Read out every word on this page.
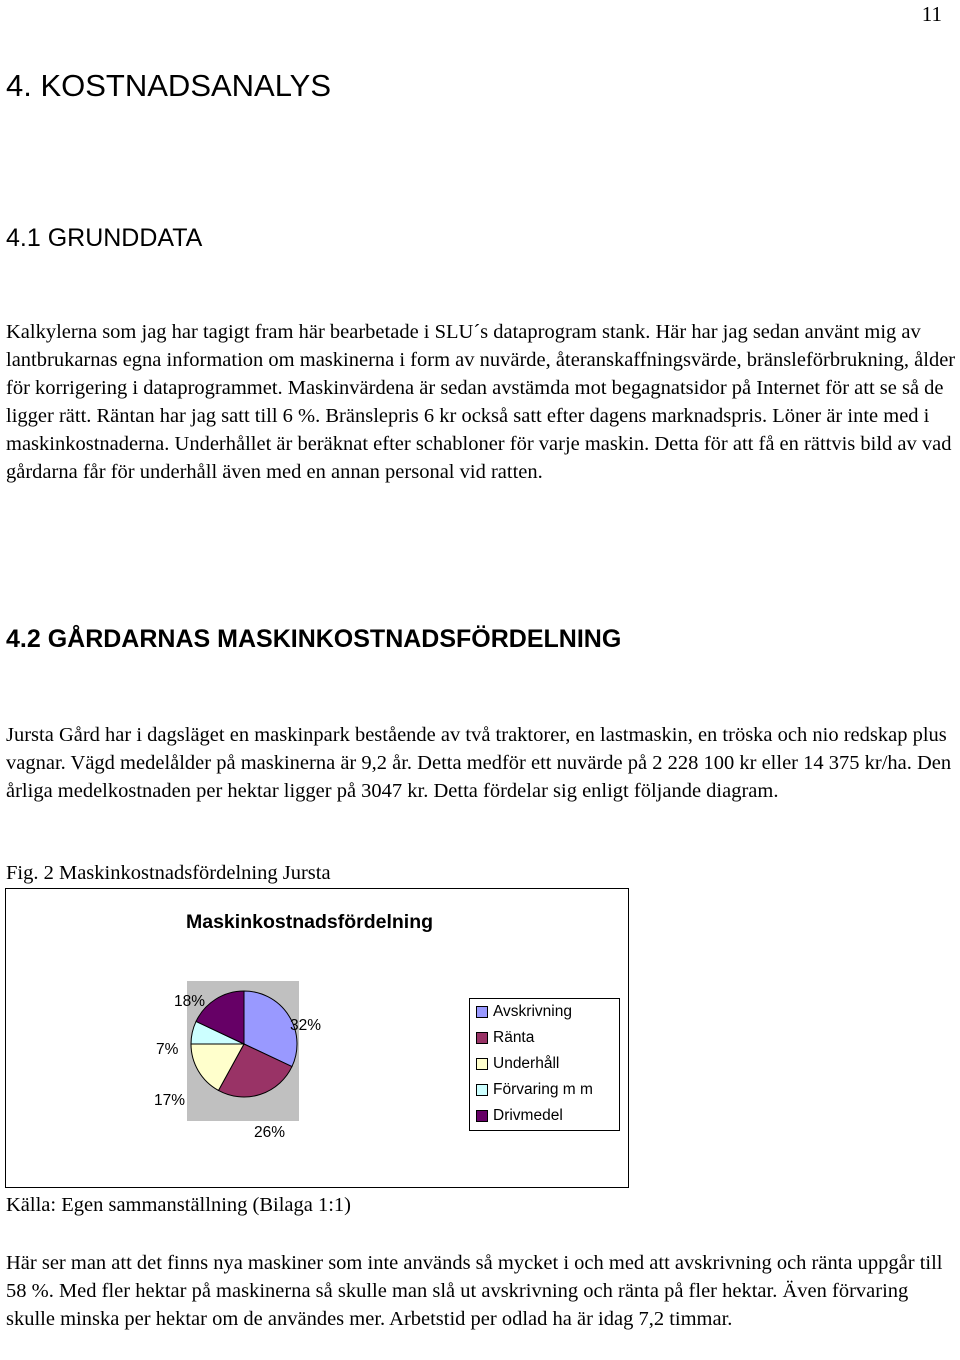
11
4. KOSTNADSANALYS
4.1 GRUNDDATA

Kalkylerna som jag har tagigt fram här bearbetade i SLU´s dataprogram stank. Här har jag sedan använt mig av lantbrukarnas egna information om maskinerna i form av nuvärde, återanskaffningsvärde, bränsleförbrukning, ålder för korrigering i dataprogrammet. Maskinvärdena är sedan avstämda mot begagnatsidor på Internet för att se så de ligger rätt. Räntan har jag satt till 6 %. Bränslepris 6 kr också satt efter dagens marknadspris. Löner är inte med i maskinkostnaderna. Underhållet är beräknat efter schabloner för varje maskin. Detta för att få en rättvis bild av vad gårdarna får för underhåll även med en annan personal vid ratten.

4.2 GÅRDARNAS MASKINKOSTNADSFÖRDELNING

Jursta Gård har i dagsläget en maskinpark bestående av två traktorer, en lastmaskin, en tröska och nio redskap plus vagnar. Vägd medelålder på maskinerna är 9,2 år. Detta medför ett nuvärde på 2 228 100 kr eller 14 375 kr/ha. Den årliga medelkostnaden per hektar ligger på 3047 kr. Detta fördelar sig enligt följande diagram.

Fig. 2 Maskinkostnadsfördelning Jursta
Maskinkostnadsfördelning
32%
26%
17%
7%
18%
Avskrivning
Ränta
Underhåll
Förvaring m m
Drivmedel
Källa: Egen sammanställning (Bilaga 1:1)

Här ser man att det finns nya maskiner som inte används så mycket i och med att avskrivning och ränta uppgår till 58 %. Med fler hektar på maskinerna så skulle man slå ut avskrivning och ränta på fler hektar. Även förvaring skulle minska per hektar om de användes mer. Arbetstid per odlad ha är idag 7,2 timmar.
